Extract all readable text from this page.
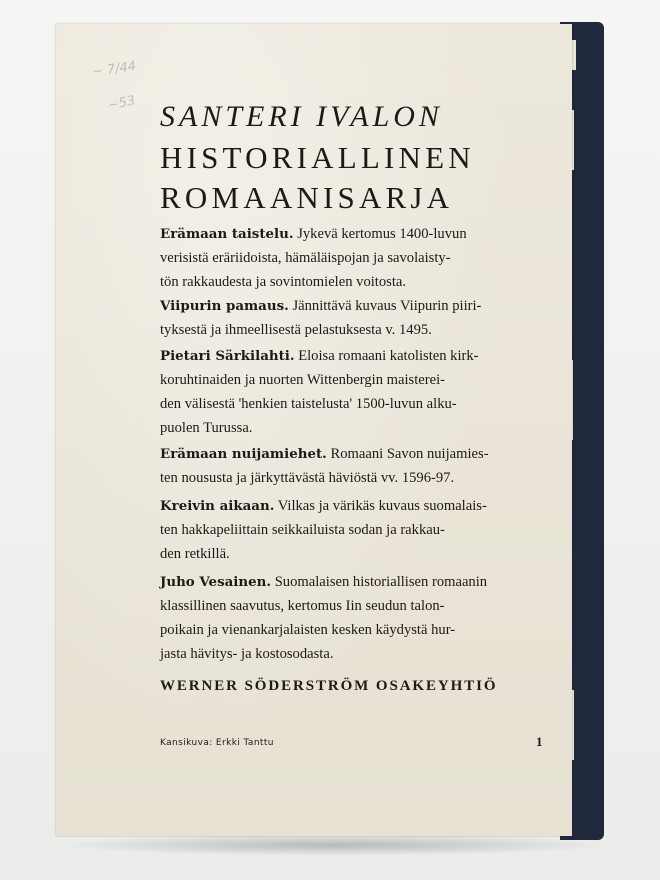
~ 7/44
~53 SANTERI IVALON
HISTORIALLINEN
ROMAANISARJA
Erämaan taistelu. Jykevä kertomus 1400-luvun
verisistä eräriidoista, hämäläispojan ja savolaisty-
tön rakkaudesta ja sovintomielen voitosta.
Viipurin pamaus. Jännittävä kuvaus Viipurin piiri-
tyksestä ja ihmeellisestä pelastuksesta v. 1495.
Pietari Särkilahti. Eloisa romaani katolisten kirk-
koruhtinaiden ja nuorten Wittenbergin maisterei-
den välisestä 'henkien taistelusta' 1500-luvun alku-
puolen Turussa.
Erämaan nuijamiehet. Romaani Savon nuijamies-
ten noususta ja järkyttävästä häviöstä vv. 1596-97.
Kreivin aikaan. Vilkas ja värikäs kuvaus suomalais-
ten hakkapeliittain seikkailuista sodan ja rakkau-
den retkillä.
Juho Vesainen. Suomalaisen historiallisen romaanin
klassillinen saavutus, kertomus Iin seudun talon-
poikain ja vienankarjalaisten kesken käydystä hur-
jasta hävitys- ja kostosodasta.
WERNER SÖDERSTRÖM OSAKEYHTIÖ
Kansikuva: Erkki Tanttu	1
